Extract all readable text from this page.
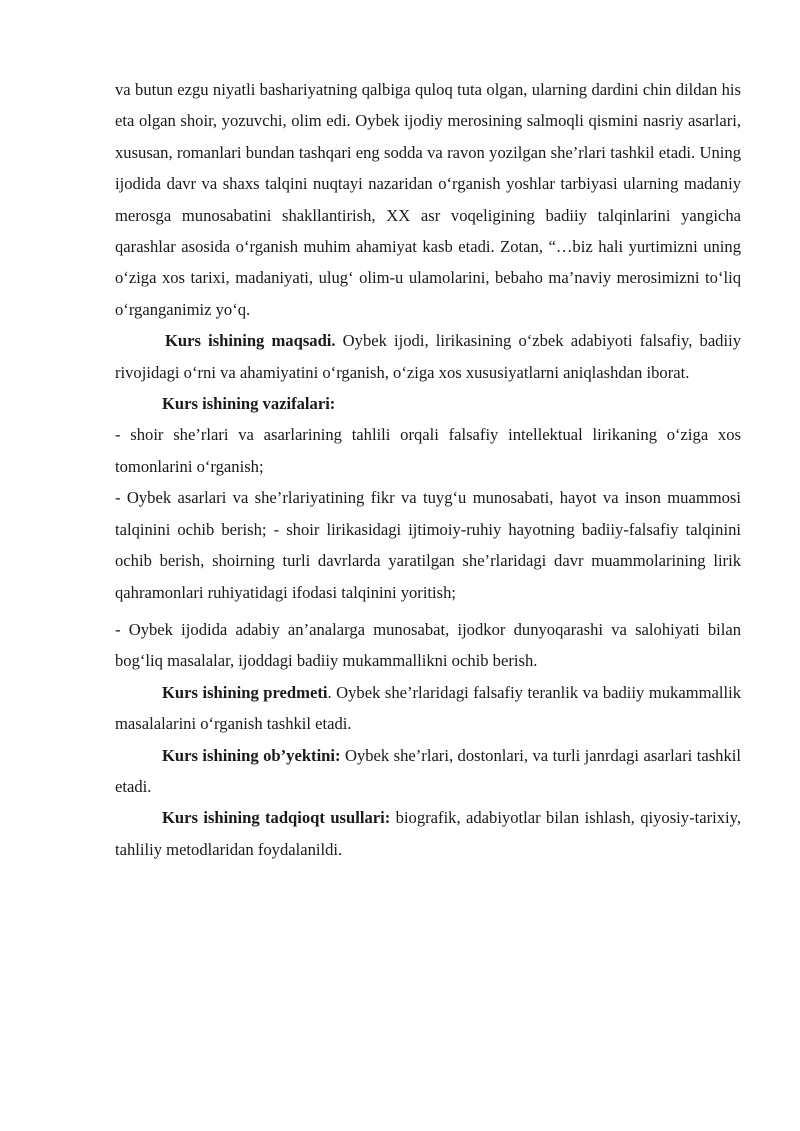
va butun ezgu niyatli bashariyatning qalbiga quloq tuta olgan, ularning dardini chin dildan his eta olgan shoir, yozuvchi, olim edi. Oybek ijodiy merosining salmoqli qismini nasriy asarlari, xususan, romanlari bundan tashqari eng sodda va ravon yozilgan she’rlari tashkil etadi. Uning ijodida davr va shaxs talqini nuqtayi nazaridan o‘rganish yoshlar tarbiyasi ularning madaniy merosga munosabatini shakllantirish, XX asr voqeligining badiiy talqinlarini yangicha qarashlar asosida o‘rganish muhim ahamiyat kasb etadi. Zotan, “…biz hali yurtimizni uning o‘ziga xos tarixi, madaniyati, ulug‘ olim-u ulamolarini, bebaho ma’naviy merosimizni to‘liq o‘rganganimiz yo‘q.

Kurs ishining maqsadi. Oybek ijodi, lirikasining o‘zbek adabiyoti falsafiy, badiiy rivojidagi o‘rni va ahamiyatini o‘rganish, o‘ziga xos xususiyatlarni aniqlashdan iborat.

Kurs ishining vazifalari:

- shoir she’rlari va asarlarining tahlili orqali falsafiy intellektual lirikaning o‘ziga xos tomonlarini o‘rganish;

- Oybek asarlari va she’rlariyatining fikr va tuyg‘u munosabati, hayot va inson muammosi talqinini ochib berish; - shoir lirikasidagi ijtimoiy-ruhiy hayotning badiiy-falsafiy talqinini ochib berish, shoirning turli davrlarda yaratilgan she’rlaridagi davr muammolarining lirik qahramonlari ruhiyatidagi ifodasi talqinini yoritish;

- Oybek ijodida adabiy an’analarga munosabat, ijodkor dunyoqarashi va salohiyati bilan bog‘liq masalalar, ijoddagi badiiy mukammallikni ochib berish.

Kurs ishining predmeti. Oybek she’rlaridagi falsafiy teranlik va badiiy mukammallik masalalarini o‘rganish tashkil etadi.

Kurs ishining ob’yektini: Oybek she’rlari, dostonlari, va turli janrdagi asarlari tashkil etadi.

Kurs ishining tadqioqt usullari: biografik, adabiyotlar bilan ishlash, qiyosiy-tarixiy, tahliliy metodlaridan foydalanildi.
